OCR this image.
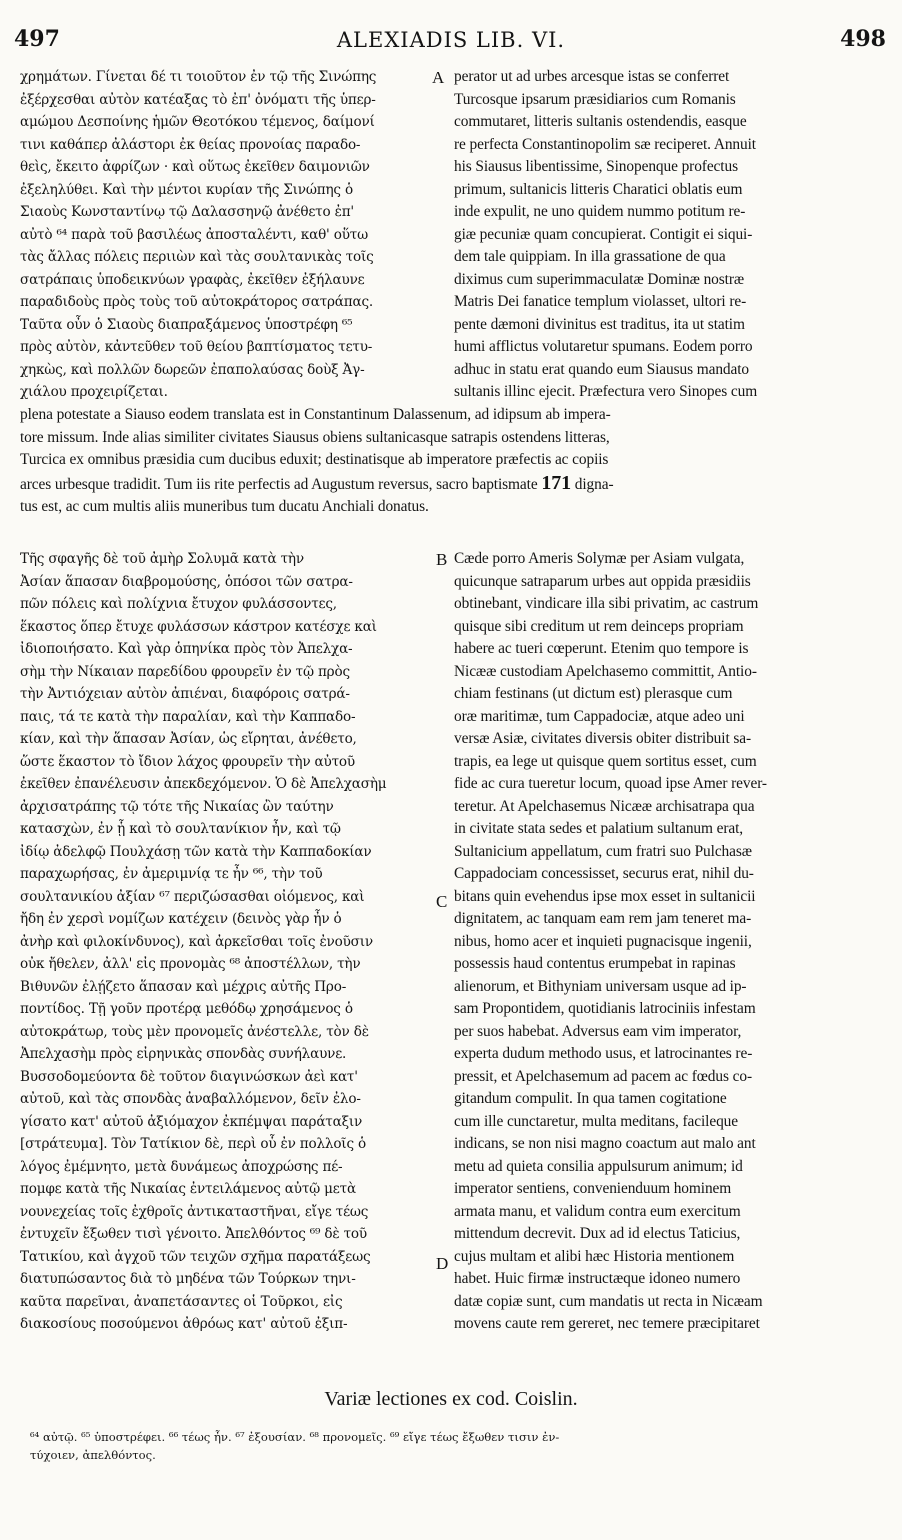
497	ALEXIADIS LIB. VI.	498
χρημάτων. Γίνεται δέ τι τοιοῦτον ἐν τῷ τῆς Σινώπης
ἐξέρχεσθαι αὐτὸν κατέαξας τὸ ἐπ' ὀνόματι τῆς ὑπερ-
αμώμου Δεσποίνης ἡμῶν Θεοτόκου τέμενος, δαίμονί
τινι καθάπερ ἀλάστορι ἐκ θείας προνοίας παραδο-
θεὶς, ἔκειτο ἀφρίζων · καὶ οὕτως ἐκεῖθεν δαιμονιῶν
ἐξεληλύθει. Καὶ τὴν μέντοι κυρίαν τῆς Σινώπης ὁ
Σιαοὺς Κωνσταντίνῳ τῷ Δαλασσηνῷ ἀνέθετο ἐπ'
αὐτὸ ⁶⁴ παρὰ τοῦ βασιλέως ἀποσταλέντι, καθ' οὕτω
τὰς ἄλλας πόλεις περιιὼν καὶ τὰς σουλτανικὰς τοῖς
σατράπαις ὑποδεικνύων γραφὰς, ἐκεῖθεν ἐξήλαυνε
παραδιδοὺς πρὸς τοὺς τοῦ αὐτοκράτορος σατράπας.
Ταῦτα οὖν ὁ Σιαοὺς διαπραξάμενος ὑποστρέφη ⁶⁵
πρὸς αὐτὸν, κἀντεῦθεν τοῦ θείου βαπτίσματος τετυ-
χηκὼς, καὶ πολλῶν δωρεῶν ἐπαπολαύσας δοὺξ Ἀγ-
χιάλου προχειρίζεται.
perator ut ad urbes arcesque istas se conferret
Turcosque ipsarum præsidiarios cum Romanis
commutaret, litteris sultanis ostendendis, easque
re perfecta Constantinopolim sæ reciperet. Annuit
his Siausus libentissime, Sinopenque profectus
primum, sultanicis litteris Charatici oblatis eum
inde expulit, ne uno quidem nummo potitum re-
giæ pecuniæ quam concupierat. Contigit ei siqui-
dem tale quippiam. In illa grassatione de qua
diximus cum superimmaculatæ Dominæ nostræ
Matris Dei fanatice templum violasset, ultori re-
pente dæmoni divinitus est traditus, ita ut statim
humi afflictus volutaretur spumans. Eodem porro
adhuc in statu erat quando eum Siausus mandato
sultanis illinc ejecit. Præfectura vero Sinopes cum
A
plena potestate a Siauso eodem translata est in Constantinum Dalassenum, ad idipsum ab impera-
tore missum. Inde alias similiter civitates Siausus obiens sultanicasque satrapis ostendens litteras,
Turcica ex omnibus præsidia cum ducibus eduxit; destinatisque ab imperatore præfectis ac copiis
arces urbesque tradidit. Tum iis rite perfectis ad Augustum reversus, sacro baptismate 171 digna-
tus est, ac cum multis aliis muneribus tum ducatu Anchiali donatus.
Τῆς σφαγῆς δὲ τοῦ ἀμὴρ Σολυμᾶ κατὰ τὴν
Ἀσίαν ἅπασαν διαβρομούσης, ὁπόσοι τῶν σατρα-
πῶν πόλεις καὶ πολίχνια ἔτυχον φυλάσσοντες,
ἕκαστος ὅπερ ἔτυχε φυλάσσων κάστρον κατέσχε καὶ
ἰδιοποιήσατο. Καὶ γὰρ ὁπηνίκα πρὸς τὸν Ἀπελχα-
σὴμ τὴν Νίκαιαν παρεδίδου φρουρεῖν ἐν τῷ πρὸς
τὴν Ἀντιόχειαν αὐτὸν ἀπιέναι, διαφόροις σατρά-
παις, τά τε κατὰ τὴν παραλίαν, καὶ τὴν Καππαδο-
κίαν, καὶ τὴν ἅπασαν Ἀσίαν, ὡς εἴρηται, ἀνέθετο,
ὥστε ἕκαστον τὸ ἴδιον λάχος φρουρεῖν τὴν αὐτοῦ
ἐκεῖθεν ἐπανέλευσιν ἀπεκδεχόμενον. Ὁ δὲ Ἀπελχασὴμ
ἀρχισατράπης τῷ τότε τῆς Νικαίας ὢν ταύτην
κατασχὼν, ἐν ᾗ καὶ τὸ σουλτανίκιον ἦν, καὶ τῷ
ἰδίῳ ἀδελφῷ Πουλχάσῃ τῶν κατὰ τὴν Καππαδοκίαν
παραχωρήσας, ἐν ἀμεριμνίᾳ τε ἦν ⁶⁶, τὴν τοῦ
σουλτανικίου ἀξίαν ⁶⁷ περιζώσασθαι οἰόμενος, καὶ
ἤδη ἐν χερσὶ νομίζων κατέχειν (δεινὸς γὰρ ἦν ὁ
ἀνὴρ καὶ φιλοκίνδυνος), καὶ ἀρκεῖσθαι τοῖς ἐνοῦσιν
οὐκ ἤθελεν, ἀλλ' εἰς προνομὰς ⁶⁸ ἀποστέλλων, τὴν
Βιθυνῶν ἐλῄζετο ἅπασαν καὶ μέχρις αὐτῆς Προ-
ποντίδος. Τῇ γοῦν προτέρᾳ μεθόδῳ χρησάμενος ὁ
αὐτοκράτωρ, τοὺς μὲν προνομεῖς ἀνέστελλε, τὸν δὲ
Ἀπελχασὴμ πρὸς εἰρηνικὰς σπονδὰς συνήλαυνε.
Βυσσοδομεύοντα δὲ τοῦτον διαγινώσκων ἀεὶ κατ'
αὐτοῦ, καὶ τὰς σπονδὰς ἀναβαλλόμενον, δεῖν ἐλο-
γίσατο κατ' αὐτοῦ ἀξιόμαχον ἐκπέμψαι παράταξιν
[στράτευμα]. Τὸν Τατίκιον δὲ, περὶ οὗ ἐν πολλοῖς ὁ
λόγος ἐμέμνητο, μετὰ δυνάμεως ἀποχρώσης πέ-
πομφε κατὰ τῆς Νικαίας ἐντειλάμενος αὐτῷ μετὰ
νουνεχείας τοῖς ἐχθροῖς ἀντικαταστῆναι, εἴγε τέως
ἐντυχεῖν ἔξωθεν τισὶ γένοιτο. Ἀπελθόντος ⁶⁹ δὲ τοῦ
Τατικίου, καὶ ἀγχοῦ τῶν τειχῶν σχῆμα παρατάξεως
διατυπώσαντος διὰ τὸ μηδένα τῶν Τούρκων τηνι-
καῦτα παρεῖναι, ἀναπετάσαντες οἱ Τοῦρκοι, εἰς
διακοσίους ποσούμενοι ἀθρόως κατ' αὐτοῦ ἐξιπ-
Cæde porro Ameris Solymæ per Asiam vulgata,
quicunque satraparum urbes aut oppida præsidiis
obtinebant, vindicare illa sibi privatim, ac castrum
quisque sibi creditum ut rem deinceps propriam
habere ac tueri cœperunt. Etenim quo tempore is
Nicææ custodiam Apelchasemo committit, Antio-
chiam festinans (ut dictum est) plerasque cum
oræ maritimæ, tum Cappadociæ, atque adeo uni
versæ Asiæ, civitates diversis obiter distribuit sa-
trapis, ea lege ut quisque quem sortitus esset, cum
fide ac cura tueretur locum, quoad ipse Amer rever-
teretur. At Apelchasemus Nicææ archisatrapa qua
in civitate stata sedes et palatium sultanum erat,
Sultanicium appellatum, cum fratri suo Pulchasæ
Cappadociam concessisset, securus erat, nihil du-
bitans quin evehendus ipse mox esset in sultanicii
dignitatem, ac tanquam eam rem jam teneret ma-
nibus, homo acer et inquieti pugnacisque ingenii,
possessis haud contentus erumpebat in rapinas
alienorum, et Bithyniam universam usque ad ip-
sam Propontidem, quotidianis latrociniis infestam
per suos habebat. Adversus eam vim imperator,
experta dudum methodo usus, et latrocinantes re-
pressit, et Apelchasemum ad pacem ac fœdus co-
gitandum compulit. In qua tamen cogitatione
cum ille cunctaretur, multa meditans, facileque
indicans, se non nisi magno coactum aut malo ant
metu ad quieta consilia appulsurum animum; id
imperator sentiens, convenienduum hominem
armata manu, et validum contra eum exercitum
mittendum decrevit. Dux ad id electus Taticius,
cujus multam et alibi hæc Historia mentionem
habet. Huic firmæ instructæque idoneo numero
datæ copiæ sunt, cum mandatis ut recta in Nicæam
movens caute rem gereret, nec temere præcipitaret
B
C
D
Variæ lectiones ex cod. Coislin.
⁶⁴ αὐτῷ. ⁶⁵ ὑποστρέφει. ⁶⁶ τέως ἦν. ⁶⁷ ἐξουσίαν. ⁶⁸ προνομεῖς. ⁶⁹ εἴγε τέως ἔξωθεν τισιν ἐν-
τύχοιεν, ἀπελθόντος.
